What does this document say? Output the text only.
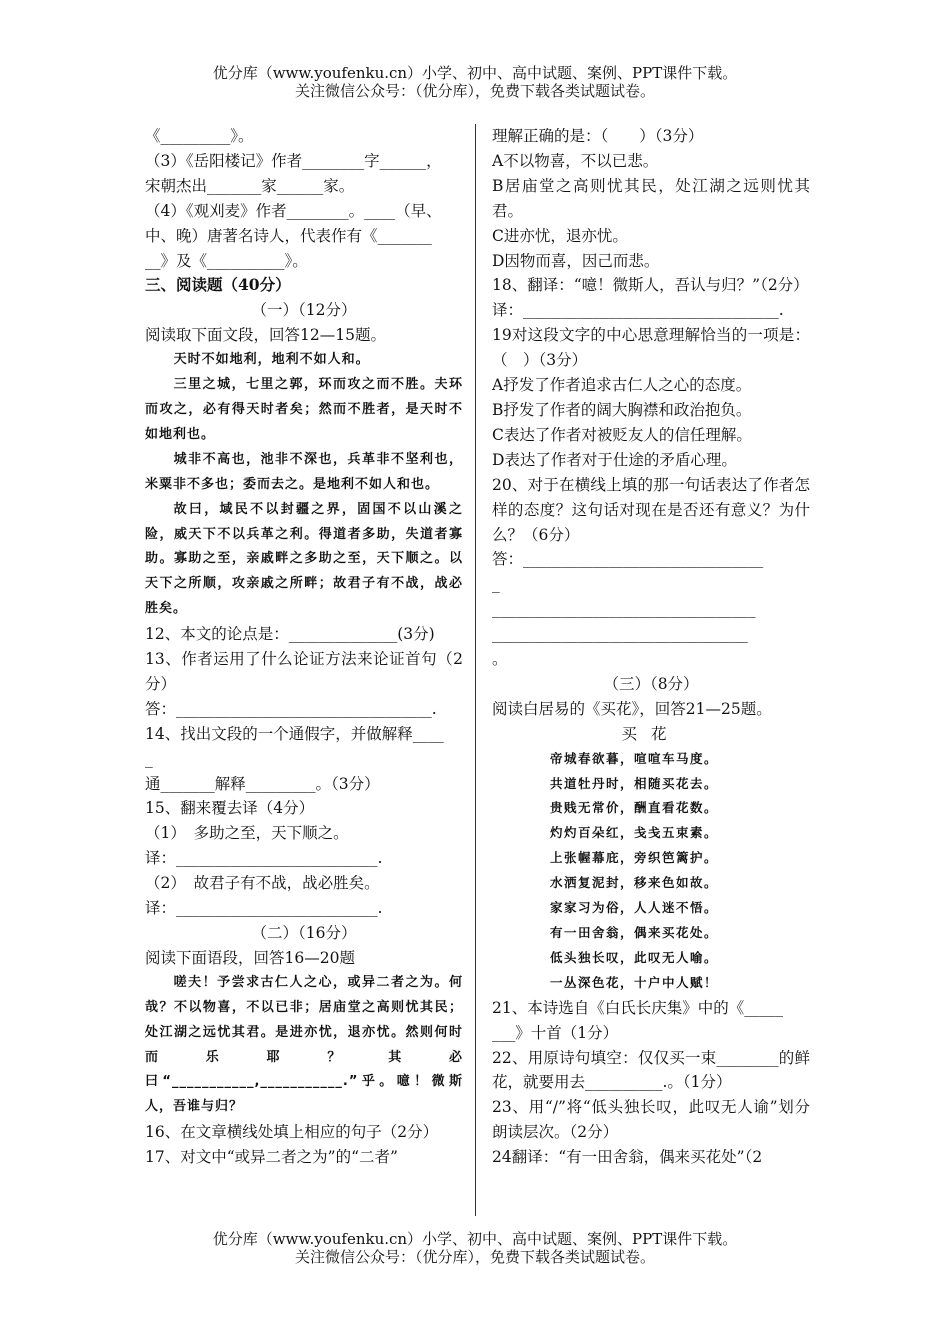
优分库（www.youfenku.cn）小学、初中、高中试题、案例、PPT课件下载。
关注微信公众号：（优分库），免费下载各类试题试卷。
《_________》。
（3）《岳阳楼记》作者________字______，
宋朝杰出_______家______家。
（4）《观刈麦》作者________。____（早、
中、晚）唐著名诗人，代表作有《_______
__》及《__________》。
三、阅读题（40分）
（一）（12分）
阅读取下面文段，回答12—15题。
天时不如地利，地利不如人和。
三里之城，七里之郭，环而攻之而不胜。夫环而攻之，必有得天时者矣；然而不胜者，是天时不如地利也。
城非不高也，池非不深也，兵革非不坚利也，米粟非不多也；委而去之。是地利不如人和也。
故曰，域民不以封疆之界，固国不以山溪之险，威天下不以兵革之利。得道者多助，失道者寡助。寡助之至，亲戚畔之多助之至，天下顺之。以天下之所顺，攻亲戚之所畔；故君子有不战，战必胜矣。
12、本文的论点是：______________(3分)
13、作者运用了什么论证方法来论证首句（2分）
答：_________________________________.
14、找出文段的一个通假字，并做解释____
_
通_______解释_________。（3分）
15、翻来覆去译（4分）
（1）　多助之至，天下顺之。
译：__________________________.
（2）　故君子有不战，战必胜矣。
译：__________________________.
（二）（16分）
阅读下面语段，回答16—20题
嗟夫！予尝求古仁人之心，或异二者之为。何哉？不以物喜，不以已非；居庙堂之高则忧其民；处江湖之远忧其君。是进亦忧，退亦忧。然则何时而乐耶？其必曰“___________,___________.”乎。噫！微斯人，吾谁与归？
16、在文章横线处填上相应的句子（2分）
17、对文中“或异二者之为”的“二者”
理解正确的是：（　　）（3分）
A不以物喜，不以已悲。
B居庙堂之高则忧其民，处江湖之远则忧其君。
C进亦忧，退亦忧。
D因物而喜，因己而悲。
18、翻译：“噫！微斯人，吾认与归？”（2分）
译：_________________________________.
19对这段文字的中心思意理解恰当的一项是：（　）（3分）
A抒发了作者追求古仁人之心的态度。
B抒发了作者的阔大胸襟和政治抱负。
C表达了作者对被贬友人的信任理解。
D表达了作者对于仕途的矛盾心理。
20、对于在横线上填的那一句话表达了作者怎样的态度？这句话对现在是否还有意义？为什么？（6分）
答：_______________________________
_
__________________________________
_________________________________
。
（三）（8分）
阅读白居易的《买花》，回答21—25题。
买花
帝城春欲暮，喧喧车马度。
共道牡丹时，相随买花去。
贵贱无常价，酬直看花数。
灼灼百朵红，戋戋五束素。
上张幄幕庇，旁织笆篱护。
水洒复泥封，移来色如故。
家家习为俗，人人迷不悟。
有一田舍翁，偶来买花处。
低头独长叹，此叹无人喻。
一丛深色花，十户中人赋！
21、本诗选自《白氏长庆集》中的《_____
___》十首（1分）
22、用原诗句填空：仅仅买一束________的鲜花，就要用去__________.。（1分）
23、用“/”将“低头独长叹，此叹无人谕”划分朗读层次。（2分）
24翻译：“有一田舍翁，偶来买花处”（2
优分库（www.youfenku.cn）小学、初中、高中试题、案例、PPT课件下载。
关注微信公众号：（优分库），免费下载各类试题试卷。
